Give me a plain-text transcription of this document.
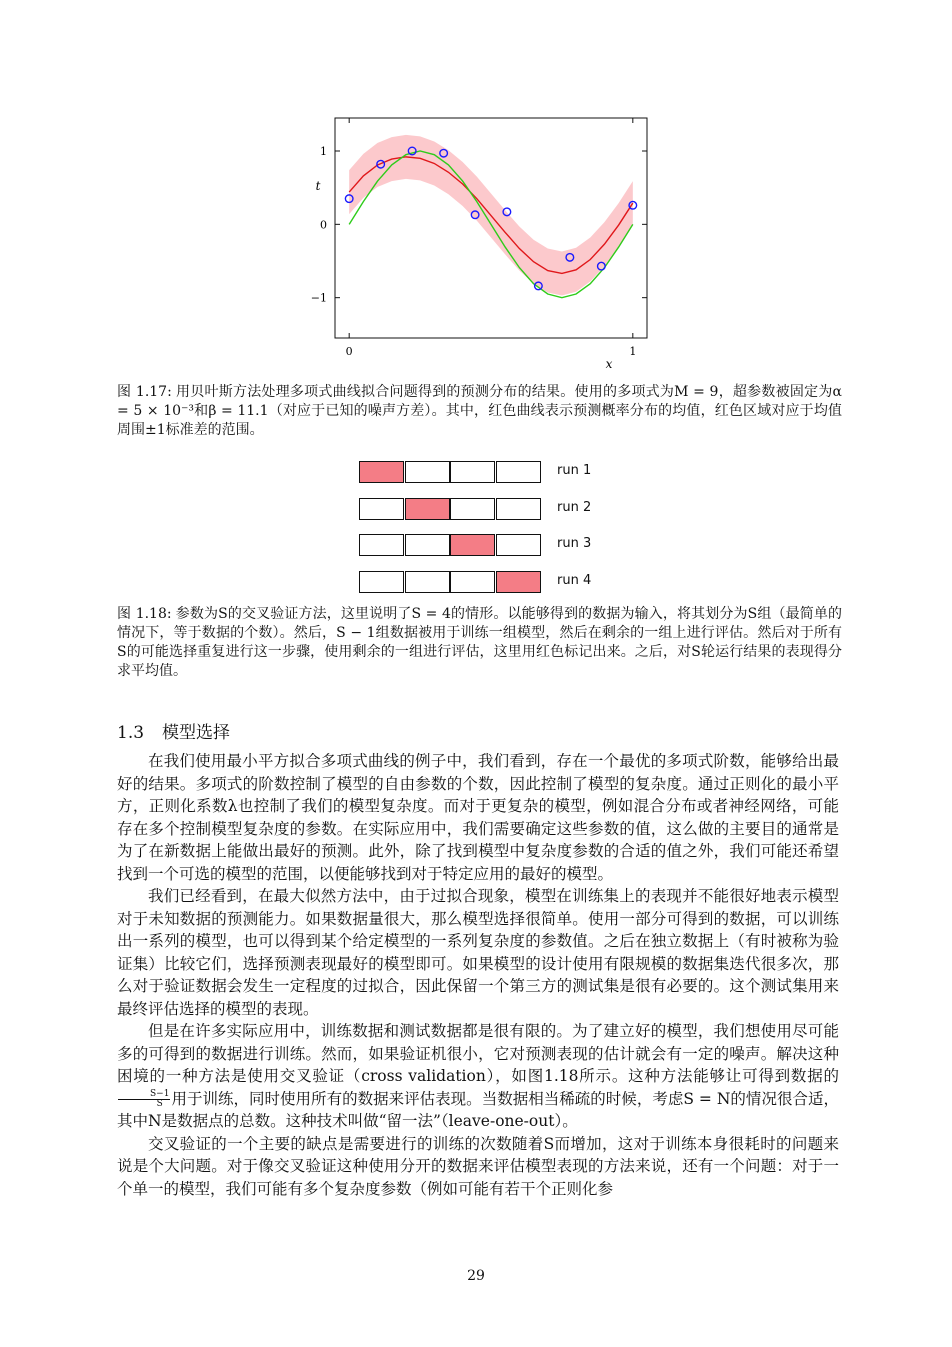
1
0
−1
0	1
x
t

图 1.17: 用贝叶斯方法处理多项式曲线拟合问题得到的预测分布的结果。使用的多项式为M = 9，超参数被固定为α = 5 × 10⁻³和β = 11.1（对应于已知的噪声方差）。其中，红色曲线表示预测概率分布的均值，红色区域对应于均值周围±1标准差的范围。

run 1
run 2
run 3
run 4

图 1.18: 参数为S的交叉验证方法，这里说明了S = 4的情形。以能够得到的数据为输入，将其划分为S组（最简单的情况下，等于数据的个数）。然后，S − 1组数据被用于训练一组模型，然后在剩余的一组上进行评估。然后对于所有S的可能选择重复进行这一步骤，使用剩余的一组进行评估，这里用红色标记出来。之后，对S轮运行结果的表现得分求平均值。

1.3 模型选择

在我们使用最小平方拟合多项式曲线的例子中，我们看到，存在一个最优的多项式阶数，能够给出最好的结果。多项式的阶数控制了模型的自由参数的个数，因此控制了模型的复杂度。通过正则化的最小平方，正则化系数λ也控制了我们的模型复杂度。而对于更复杂的模型，例如混合分布或者神经网络，可能存在多个控制模型复杂度的参数。在实际应用中，我们需要确定这些参数的值，这么做的主要目的通常是为了在新数据上能做出最好的预测。此外，除了找到模型中复杂度参数的合适的值之外，我们可能还希望找到一个可选的模型的范围，以便能够找到对于特定应用的最好的模型。

我们已经看到，在最大似然方法中，由于过拟合现象，模型在训练集上的表现并不能很好地表示模型对于未知数据的预测能力。如果数据量很大，那么模型选择很简单。使用一部分可得到的数据，可以训练出一系列的模型，也可以得到某个给定模型的一系列复杂度的参数值。之后在独立数据上（有时被称为验证集）比较它们，选择预测表现最好的模型即可。如果模型的设计使用有限规模的数据集迭代很多次，那么对于验证数据会发生一定程度的过拟合，因此保留一个第三方的测试集是很有必要的。这个测试集用来最终评估选择的模型的表现。

但是在许多实际应用中，训练数据和测试数据都是很有限的。为了建立好的模型，我们想使用尽可能多的可得到的数据进行训练。然而，如果验证机很小，它对预测表现的估计就会有一定的噪声。解决这种困境的一种方法是使用交叉验证（cross validation），如图1.18所示。这种方法能够让可得到数据的
$\frac{S-1}{S}$ 用于训练，同时使用所有的数据来评估表现。当数据相当稀疏的时候，考虑S = N的情况很合适，其中N是数据点的总数。这种技术叫做“留一法”（leave-one-out）。

交叉验证的一个主要的缺点是需要进行的训练的次数随着S而增加，这对于训练本身很耗时的问题来说是个大问题。对于像交叉验证这种使用分开的数据来评估模型表现的方法来说，还有一个问题：对于一个单一的模型，我们可能有多个复杂度参数（例如可能有若干个正则化参

29
